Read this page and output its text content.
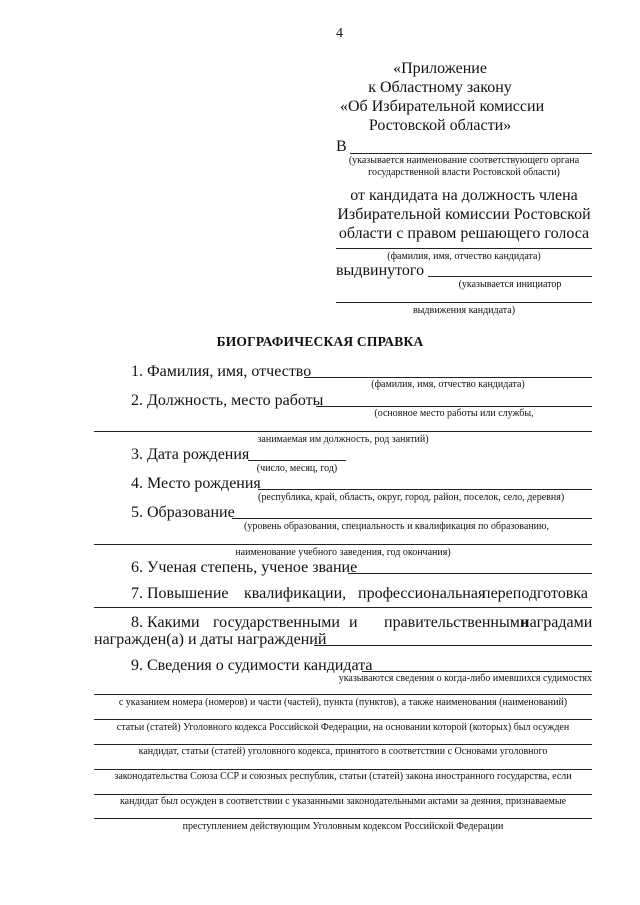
4
«Приложение
к Областному закону
«Об Избирательной комиссии
Ростовской области»
В
(указывается наименование соответствующего органа
государственной власти Ростовской области)
от кандидата на должность члена
Избирательной комиссии Ростовской
области с правом решающего голоса
(фамилия, имя, отчество кандидата)
выдвинутого
(указывается инициатор
выдвижения кандидата)
БИОГРАФИЧЕСКАЯ СПРАВКА
1. Фамилия, имя, отчество
(фамилия, имя, отчество кандидата)
2. Должность, место работы
(основное место работы или службы,
занимаемая им должность, род занятий)
3. Дата рождения
(число, месяц, год)
4. Место рождения
(республика, край, область, округ, город, район, поселок, село, деревня)
5. Образование
(уровень образования, специальность и квалификация по образованию,
наименование учебного заведения, год окончания)
6. Ученая степень, ученое звание
7. Повышение квалификации, профессиональная
переподготовка
8. Какими государственными и правительственными
наградами
награжден(а) и даты награждений
9. Сведения о судимости кандидата
указываются сведения о когда-либо имевшихся судимостях
с указанием номера (номеров) и части (частей), пункта (пунктов), а также наименования (наименований)
статьи (статей) Уголовного кодекса Российской Федерации, на основании которой (которых) был осужден
кандидат, статьи (статей) уголовного кодекса, принятого в соответствии с Основами уголовного
законодательства Союза ССР и союзных республик, статьи (статей) закона иностранного государства, если
кандидат был осужден в соответствии с указанными законодательными актами за деяния, признаваемые
преступлением действующим Уголовным кодексом Российской Федерации
